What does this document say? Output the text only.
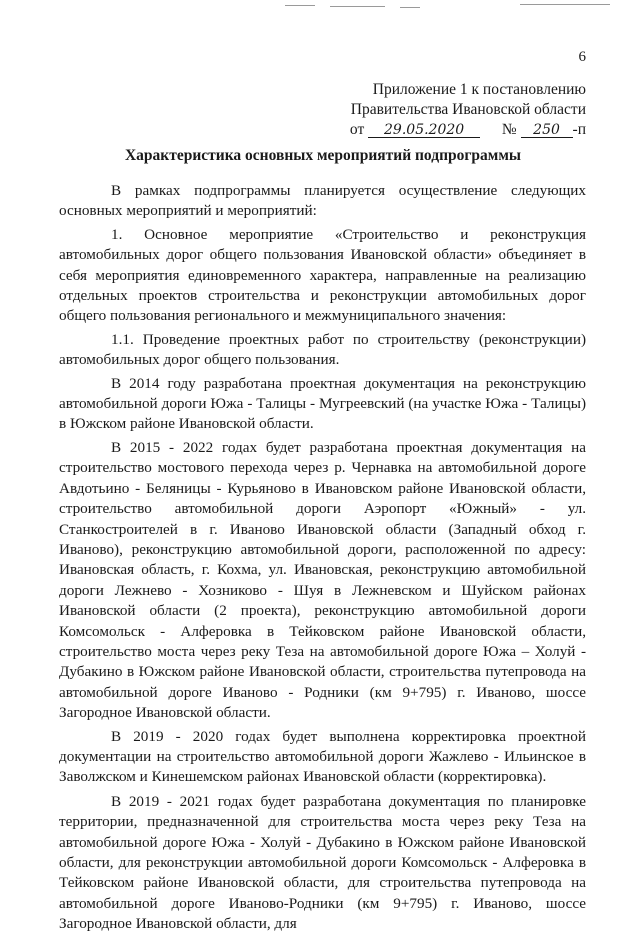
6
Приложение 1 к постановлению
Правительства Ивановской области
от 29.05.2020 № 250 -п
Характеристика основных мероприятий подпрограммы

В рамках подпрограммы планируется осуществление следующих основных мероприятий и мероприятий:

1. Основное мероприятие «Строительство и реконструкция автомобильных дорог общего пользования Ивановской области» объединяет в себя мероприятия единовременного характера, направленные на реализацию отдельных проектов строительства и реконструкции автомобильных дорог общего пользования регионального и межмуниципального значения:

1.1. Проведение проектных работ по строительству (реконструкции) автомобильных дорог общего пользования.

В 2014 году разработана проектная документация на реконструкцию автомобильной дороги Южа - Талицы - Мугреевский (на участке Южа - Талицы) в Южском районе Ивановской области.

В 2015 - 2022 годах будет разработана проектная документация на строительство мостового перехода через р. Чернавка на автомобильной дороге Авдотьино - Беляницы - Курьяново в Ивановском районе Ивановской области, строительство автомобильной дороги Аэропорт «Южный» - ул. Станкостроителей в г. Иваново Ивановской области (Западный обход г. Иваново), реконструкцию автомобильной дороги, расположенной по адресу: Ивановская область, г. Кохма, ул. Ивановская, реконструкцию автомобильной дороги Лежнево - Хозниково - Шуя в Лежневском и Шуйском районах Ивановской области (2 проекта), реконструкцию автомобильной дороги Комсомольск - Алферовка в Тейковском районе Ивановской области, строительство моста через реку Теза на автомобильной дороге Южа – Холуй - Дубакино в Южском районе Ивановской области, строительства путепровода на автомобильной дороге Иваново - Родники (км 9+795) г. Иваново, шоссе Загородное Ивановской области.

В 2019 - 2020 годах будет выполнена корректировка проектной документации на строительство автомобильной дороги Жажлево - Ильинское в Заволжском и Кинешемском районах Ивановской области (корректировка).

В 2019 - 2021 годах будет разработана документация по планировке территории, предназначенной для строительства моста через реку Теза на автомобильной дороге Южа - Холуй - Дубакино в Южском районе Ивановской области, для реконструкции автомобильной дороги Комсомольск - Алферовка в Тейковском районе Ивановской области, для строительства путепровода на автомобильной дороге Иваново-Родники (км 9+795) г. Иваново, шоссе Загородное Ивановской области, для
